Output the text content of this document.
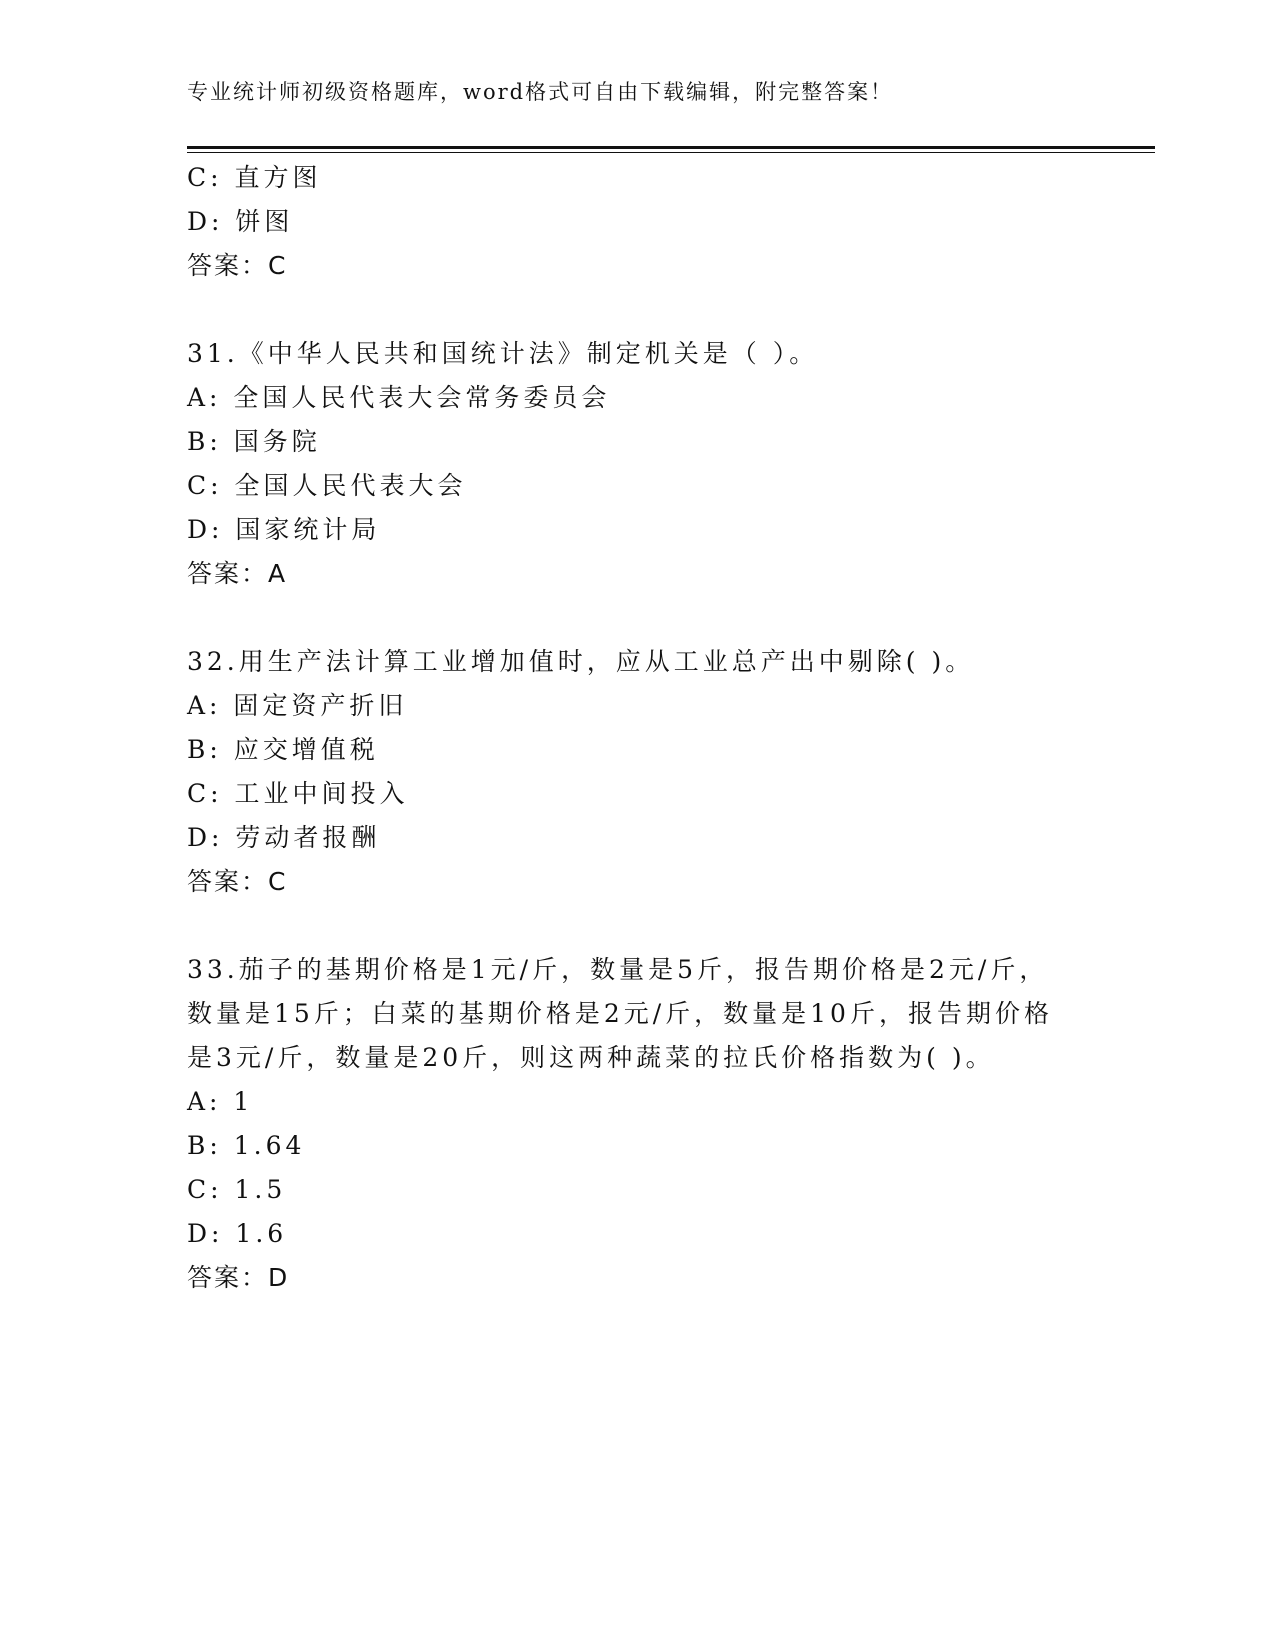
专业统计师初级资格题库，word格式可自由下载编辑，附完整答案！
C: 直方图
D: 饼图
答案：C
31.《中华人民共和国统计法》制定机关是（ ）。
A: 全国人民代表大会常务委员会
B: 国务院
C: 全国人民代表大会
D: 国家统计局
答案：A
32.用生产法计算工业增加值时，应从工业总产出中剔除( )。
A: 固定资产折旧
B: 应交增值税
C: 工业中间投入
D: 劳动者报酬
答案：C
33.茄子的基期价格是1元/斤，数量是5斤，报告期价格是2元/斤，
数量是15斤；白菜的基期价格是2元/斤，数量是10斤，报告期价格
是3元/斤，数量是20斤，则这两种蔬菜的拉氏价格指数为( )。
A: 1
B: 1.64
C: 1.5
D: 1.6
答案：D
